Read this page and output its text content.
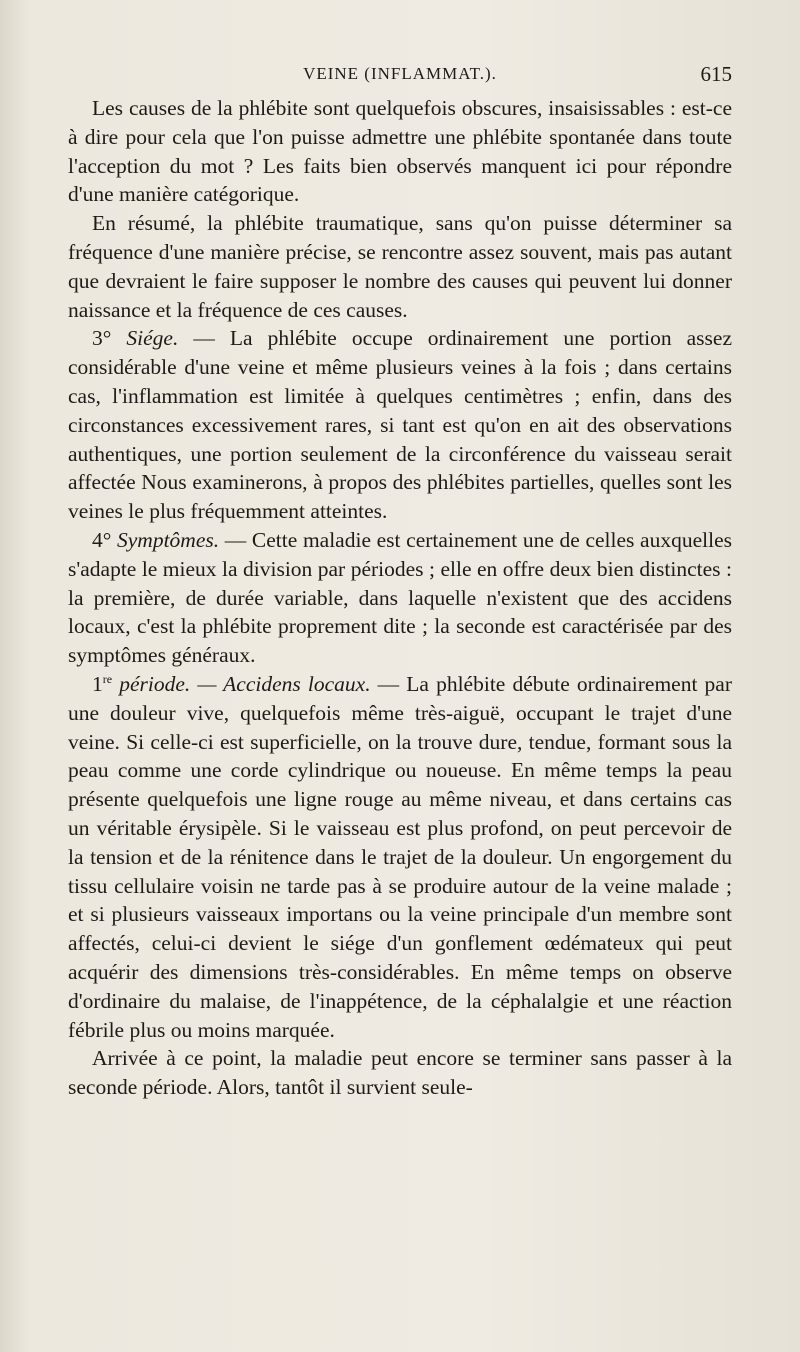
VEINE (INFLAMMAT.).	615

Les causes de la phlébite sont quelquefois obscures, insaisissables : est-ce à dire pour cela que l'on puisse admettre une phlébite spontanée dans toute l'acception du mot ? Les faits bien observés manquent ici pour répondre d'une manière catégorique.

En résumé, la phlébite traumatique, sans qu'on puisse déterminer sa fréquence d'une manière précise, se rencontre assez souvent, mais pas autant que devraient le faire supposer le nombre des causes qui peuvent lui donner naissance et la fréquence de ces causes.

3° Siége. — La phlébite occupe ordinairement une portion assez considérable d'une veine et même plusieurs veines à la fois ; dans certains cas, l'inflammation est limitée à quelques centimètres ; enfin, dans des circonstances excessivement rares, si tant est qu'on en ait des observations authentiques, une portion seulement de la circonférence du vaisseau serait affectée Nous examinerons, à propos des phlébites partielles, quelles sont les veines le plus fréquemment atteintes.

4° Symptômes. — Cette maladie est certainement une de celles auxquelles s'adapte le mieux la division par périodes ; elle en offre deux bien distinctes : la première, de durée variable, dans laquelle n'existent que des accidens locaux, c'est la phlébite proprement dite ; la seconde est caractérisée par des symptômes généraux.

1re période. — Accidens locaux. — La phlébite débute ordinairement par une douleur vive, quelquefois même très-aiguë, occupant le trajet d'une veine. Si celle-ci est superficielle, on la trouve dure, tendue, formant sous la peau comme une corde cylindrique ou noueuse. En même temps la peau présente quelquefois une ligne rouge au même niveau, et dans certains cas un véritable érysipèle. Si le vaisseau est plus profond, on peut percevoir de la tension et de la rénitence dans le trajet de la douleur. Un engorgement du tissu cellulaire voisin ne tarde pas à se produire autour de la veine malade ; et si plusieurs vaisseaux importans ou la veine principale d'un membre sont affectés, celui-ci devient le siége d'un gonflement œdémateux qui peut acquérir des dimensions très-considérables. En même temps on observe d'ordinaire du malaise, de l'inappétence, de la céphalalgie et une réaction fébrile plus ou moins marquée.

Arrivée à ce point, la maladie peut encore se terminer sans passer à la seconde période. Alors, tantôt il survient seule-
